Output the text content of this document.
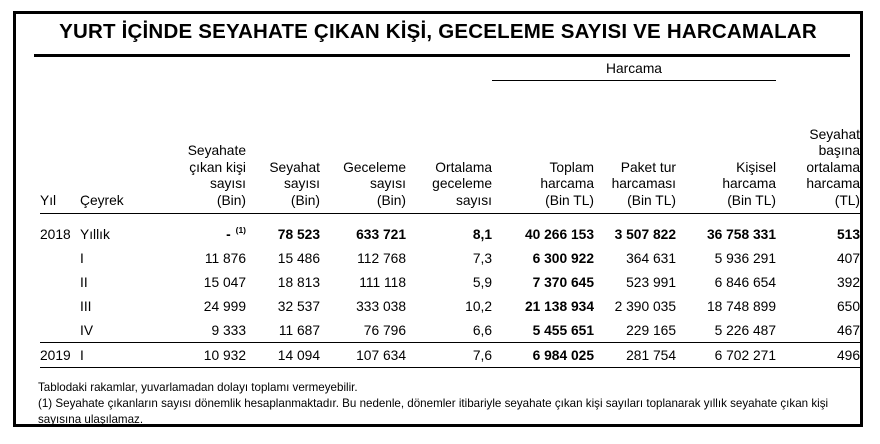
YURT İÇİNDE SEYAHATE ÇIKAN KİŞİ, GECELEME SAYISI VE HARCAMALAR
						Harcama			
Yıl	Çeyrek	Seyahate
çıkan kişi
sayısı
(Bin)	Seyahat
sayısı
(Bin)	Geceleme
sayısı
(Bin)	Ortalama
geceleme
sayısı	Toplam
harcama
(Bin TL)	Paket tur
harcaması
(Bin TL)	Kişisel
harcama
(Bin TL)	Seyahat
başına
ortalama
harcama
(TL)

2018	Yıllık	- $^{(1)}$	78 523	633 721	8,1	40 266 153	3 507 822	36 758 331	513
	I	11 876	15 486	112 768	7,3	6 300 922	364 631	5 936 291	407
	II	15 047	18 813	111 118	5,9	7 370 645	523 991	6 846 654	392
	III	24 999	32 537	333 038	10,2	21 138 934	2 390 035	18 748 899	650
	IV	9 333	11 687	76 796	6,6	5 455 651	229 165	5 226 487	467
2019	I	10 932	14 094	107 634	7,6	6 984 025	281 754	6 702 271	496
Tablodaki rakamlar, yuvarlamadan dolayı toplamı vermeyebilir.
(1) Seyahate çıkanların sayısı dönemlik hesaplanmaktadır. Bu nedenle, dönemler itibariyle seyahate çıkan kişi sayıları toplanarak yıllık seyahate çıkan kişi sayısına ulaşılamaz.
